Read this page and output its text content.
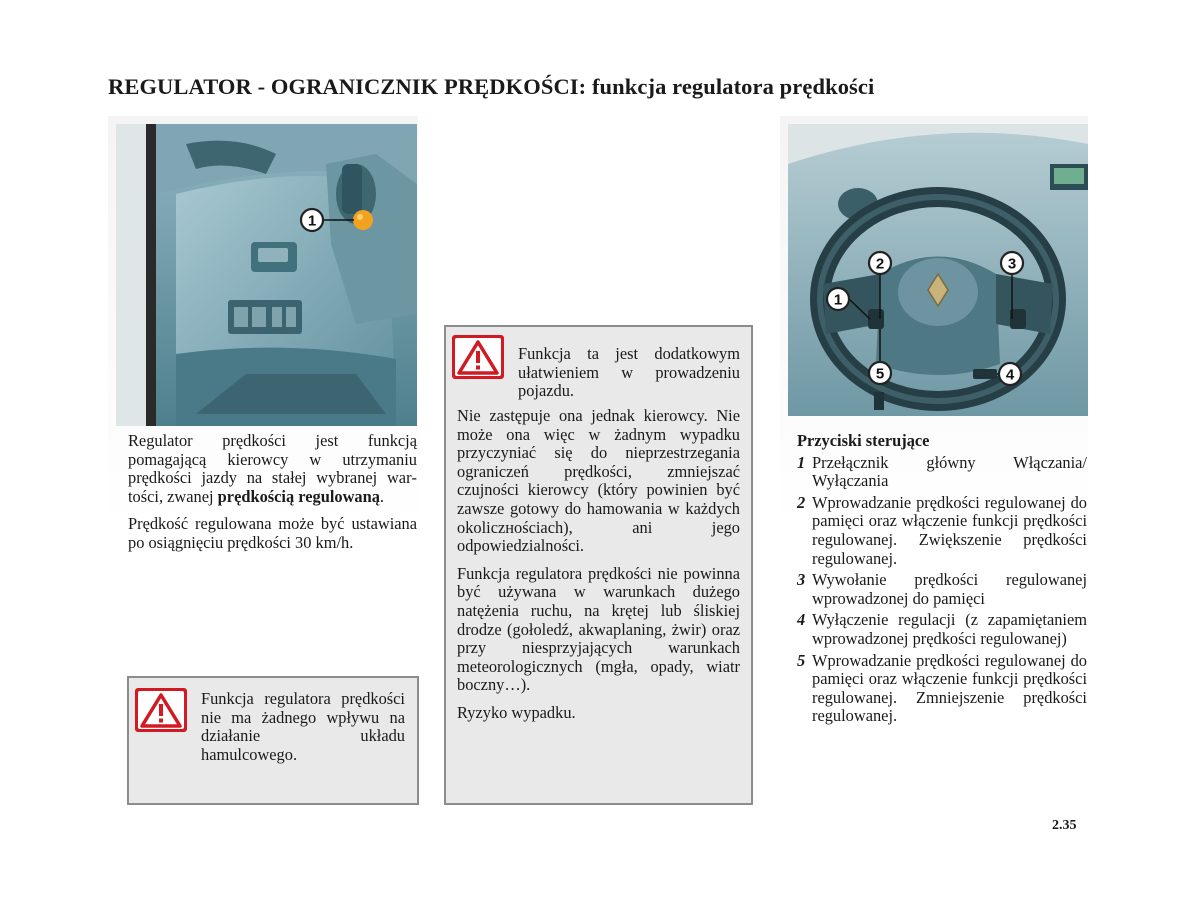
REGULATOR - OGRANICZNIK PRĘDKOŚCI: funkcja regulatora prędkości
1

Regulator prędkości jest funkcją pomagającą kierowcy w utrzymaniu prędkości jazdy na stałej wybranej wartości, zwanej prędkością regulowaną.

Prędkość regulowana może być ustawiana po osiągnięciu prędkości 30 km/h.

Funkcja regulatora prędkości nie ma żadnego wpływu na działanie układu hamulcowego.
Funkcja ta jest dodatkowym ułatwieniem w prowadzeniu pojazdu.

Nie zastępuje ona jednak kierowcy. Nie może ona więc w żadnym wypadku przyczyniać się do nieprzestrzegania ograniczeń prędkości, zmniejszać czujności kierowcy (który powinien być zawsze gotowy do hamowania w każdych okoliczноściach), ani jego odpowiedzialności.

Funkcja regulatora prędkości nie powinna być używana w warunkach dużego natężenia ruchu, na krętej lub śliskiej drodze (gołoledź, akwaplaning, żwir) oraz przy niesprzyjających warunkach meteorologicznych (mgła, opady, wiatr boczny…).

Ryzyko wypadku.

2	3
1
5	4
Przyciski sterujące
1 Przełącznik główny Włączania/ Wyłączania
2 Wprowadzanie prędkości regulowanej do pamięci oraz włączenie funkcji prędkości regulowanej. Zwiększenie prędkości regulowanej.
3 Wywołanie prędkości regulowanej wprowadzonej do pamięci
4 Wyłączenie regulacji (z zapamiętaniem wprowadzonej prędkości regulowanej)
5 Wprowadzanie prędkości regulowanej do pamięci oraz włączenie funkcji prędkości regulowanej. Zmniejszenie prędkości regulowanej.
2.35
